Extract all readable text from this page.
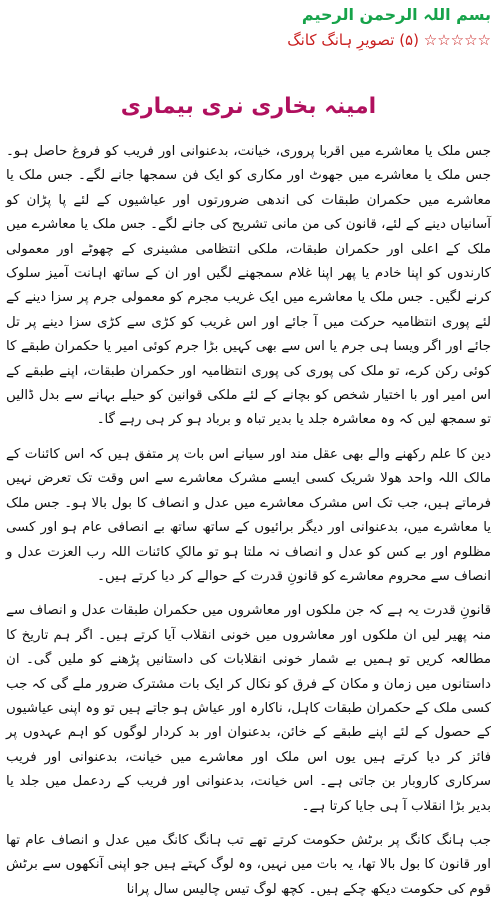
بسم اللہ الرحمن الرحیم
☆☆☆☆☆ (۵) تصویرِ ہانگ کانگ
امینہ بخاری نری بیماری

جس ملک یا معاشرے میں اقربا پروری، خیانت، بدعنوانی اور فریب کو فروغ حاصل ہو۔ جس ملک یا معاشرے میں جھوٹ اور مکاری کو ایک فن سمجھا جانے لگے۔ جس ملک یا معاشرے میں حکمران طبقات کی اندھی ضرورتوں اور عیاشیوں کے لئے پا پڑان کو آسانیاں دینے کے لئے، قانون کی من مانی تشریح کی جانے لگے۔ جس ملک یا معاشرے میں ملک کے اعلی اور حکمران طبقات، ملکی انتظامی مشینری کے چھوٹے اور معمولی کارندوں کو اپنا خادم یا پھر اپنا غلام سمجھنے لگیں اور ان کے ساتھ اہانت آمیز سلوک کرنے لگیں۔ جس ملک یا معاشرے میں ایک غریب مجرم کو معمولی جرم پر سزا دینے کے لئے پوری انتظامیہ حرکت میں آ جائے اور اس غریب کو کڑی سے کڑی سزا دینے پر تل جائے اور اگر ویسا ہی جرم یا اس سے بھی کہیں بڑا جرم کوئی امیر یا حکمران طبقے کا کوئی رکن کرے، تو ملک کی پوری کی پوری انتظامیہ اور حکمران طبقات، اپنے طبقے کے اس امیر اور با اختیار شخص کو بچانے کے لئے ملکی قوانین کو حیلے بہانے سے بدل ڈالیں تو سمجھ لیں کہ وہ معاشرہ جلد یا بدیر تباہ و برباد ہو کر ہی رہے گا۔

دین کا علم رکھنے والے بھی عقل مند اور سیانے اس بات پر متفق ہیں کہ اس کائنات کے مالک اللہ واحد ھولا شریک کسی ایسے مشرک معاشرے سے اس وقت تک تعرض نہیں فرماتے ہیں، جب تک اس مشرک معاشرے میں عدل و انصاف کا بول بالا ہو۔ جس ملک یا معاشرے میں، بدعنوانی اور دیگر برائیوں کے ساتھ ساتھ بے انصافی عام ہو اور کسی مظلوم اور بے کس کو عدل و انصاف نہ ملتا ہو تو مالکِ کائنات اللہ رب العزت عدل و انصاف سے محروم معاشرے کو قانونِ قدرت کے حوالے کر دیا کرتے ہیں۔

قانونِ قدرت یہ ہے کہ جن ملکوں اور معاشروں میں حکمران طبقات عدل و انصاف سے منہ پھیر لیں ان ملکوں اور معاشروں میں خونی انقلاب آیا کرتے ہیں۔ اگر ہم تاریخ کا مطالعہ کریں تو ہمیں بے شمار خونی انقلابات کی داستانیں پڑھنے کو ملیں گی۔ ان داستانوں میں زمان و مکان کے فرق کو نکال کر ایک بات مشترک ضرور ملے گی کہ جب کسی ملک کے حکمران طبقات کاہل، ناکارہ اور عیاش ہو جاتے ہیں تو وہ اپنی عیاشیوں کے حصول کے لئے اپنے طبقے کے خائن، بدعنوان اور بد کردار لوگوں کو اہم عہدوں پر فائز کر دیا کرتے ہیں یوں اس ملک اور معاشرے میں خیانت، بدعنوانی اور فریب سرکاری کاروبار بن جاتی ہے۔ اس خیانت، بدعنوانی اور فریب کے ردعمل میں جلد یا بدیر بڑا انقلاب آ ہی جایا کرتا ہے۔

جب ہانگ کانگ پر برٹش حکومت کرتے تھے تب ہانگ کانگ میں عدل و انصاف عام تھا اور قانون کا بول بالا تھا، یہ بات میں نہیں، وہ لوگ کہتے ہیں جو اپنی آنکھوں سے برٹش قوم کی حکومت دیکھ چکے ہیں۔ کچھ لوگ تیس چالیس سال پرانا
